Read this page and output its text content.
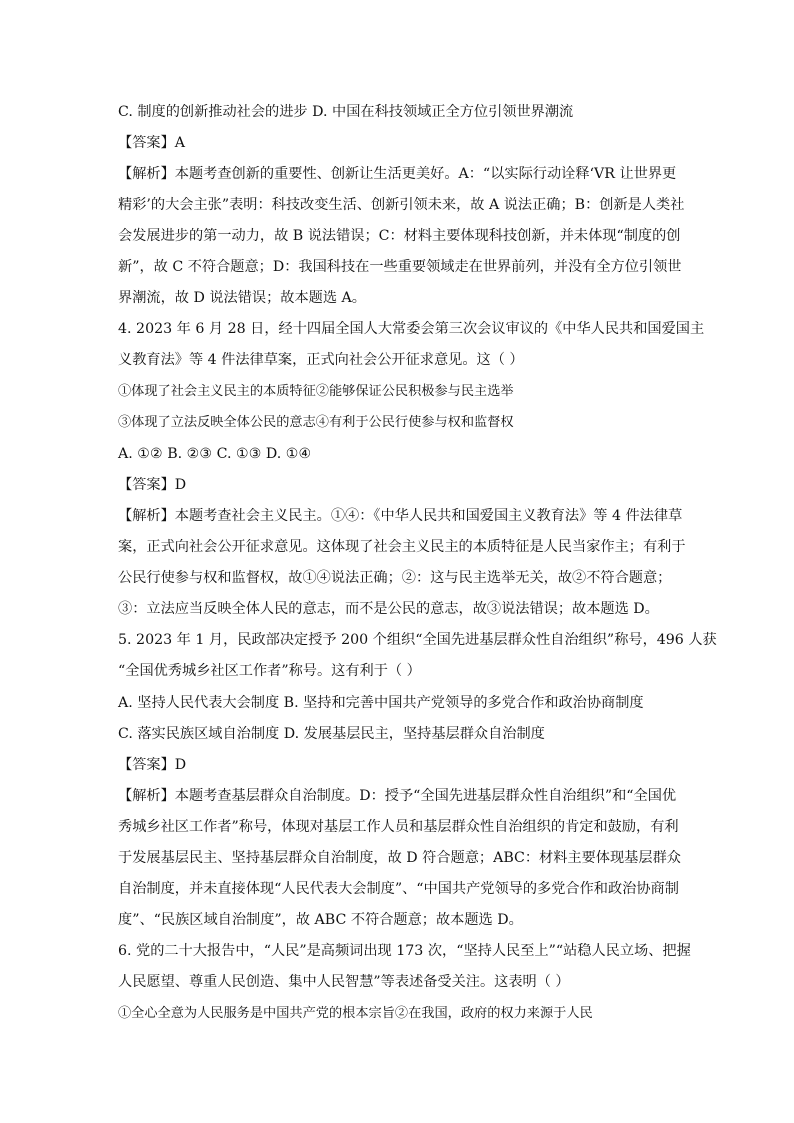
C. 制度的创新推动社会的进步 D. 中国在科技领域正全方位引领世界潮流
【答案】A
【解析】本题考查创新的重要性、创新让生活更美好。A：“以实际行动诠释‘VR 让世界更
精彩’的大会主张”表明：科技改变生活、创新引领未来，故 A 说法正确；B：创新是人类社
会发展进步的第一动力，故 B 说法错误；C：材料主要体现科技创新，并未体现“制度的创
新”，故 C 不符合题意；D：我国科技在一些重要领域走在世界前列，并没有全方位引领世
界潮流，故 D 说法错误；故本题选 A。
4. 2023 年 6 月 28 日，经十四届全国人大常委会第三次会议审议的《中华人民共和国爱国主
义教育法》等 4 件法律草案，正式向社会公开征求意见。这（ ）
①体现了社会主义民主的本质特征②能够保证公民积极参与民主选举
③体现了立法反映全体公民的意志④有利于公民行使参与权和监督权
A. ①② B. ②③ C. ①③ D. ①④
【答案】D
【解析】本题考查社会主义民主。①④：《中华人民共和国爱国主义教育法》等 4 件法律草
案，正式向社会公开征求意见。这体现了社会主义民主的本质特征是人民当家作主；有利于
公民行使参与权和监督权，故①④说法正确；②：这与民主选举无关，故②不符合题意；
③：立法应当反映全体人民的意志，而不是公民的意志，故③说法错误；故本题选 D。
5. 2023 年 1 月，民政部决定授予 200 个组织“全国先进基层群众性自治组织”称号，496 人获
“全国优秀城乡社区工作者”称号。这有利于（ ）
A. 坚持人民代表大会制度 B. 坚持和完善中国共产党领导的多党合作和政治协商制度
C. 落实民族区域自治制度 D. 发展基层民主，坚持基层群众自治制度
【答案】D
【解析】本题考查基层群众自治制度。D：授予“全国先进基层群众性自治组织”和“全国优
秀城乡社区工作者”称号，体现对基层工作人员和基层群众性自治组织的肯定和鼓励，有利
于发展基层民主、坚持基层群众自治制度，故 D 符合题意；ABC：材料主要体现基层群众
自治制度，并未直接体现“人民代表大会制度”、“中国共产党领导的多党合作和政治协商制
度”、“民族区域自治制度”，故 ABC 不符合题意；故本题选 D。
6. 党的二十大报告中，“人民”是高频词出现 173 次，“坚持人民至上”“站稳人民立场、把握
人民愿望、尊重人民创造、集中人民智慧”等表述备受关注。这表明（ ）
①全心全意为人民服务是中国共产党的根本宗旨②在我国，政府的权力来源于人民
